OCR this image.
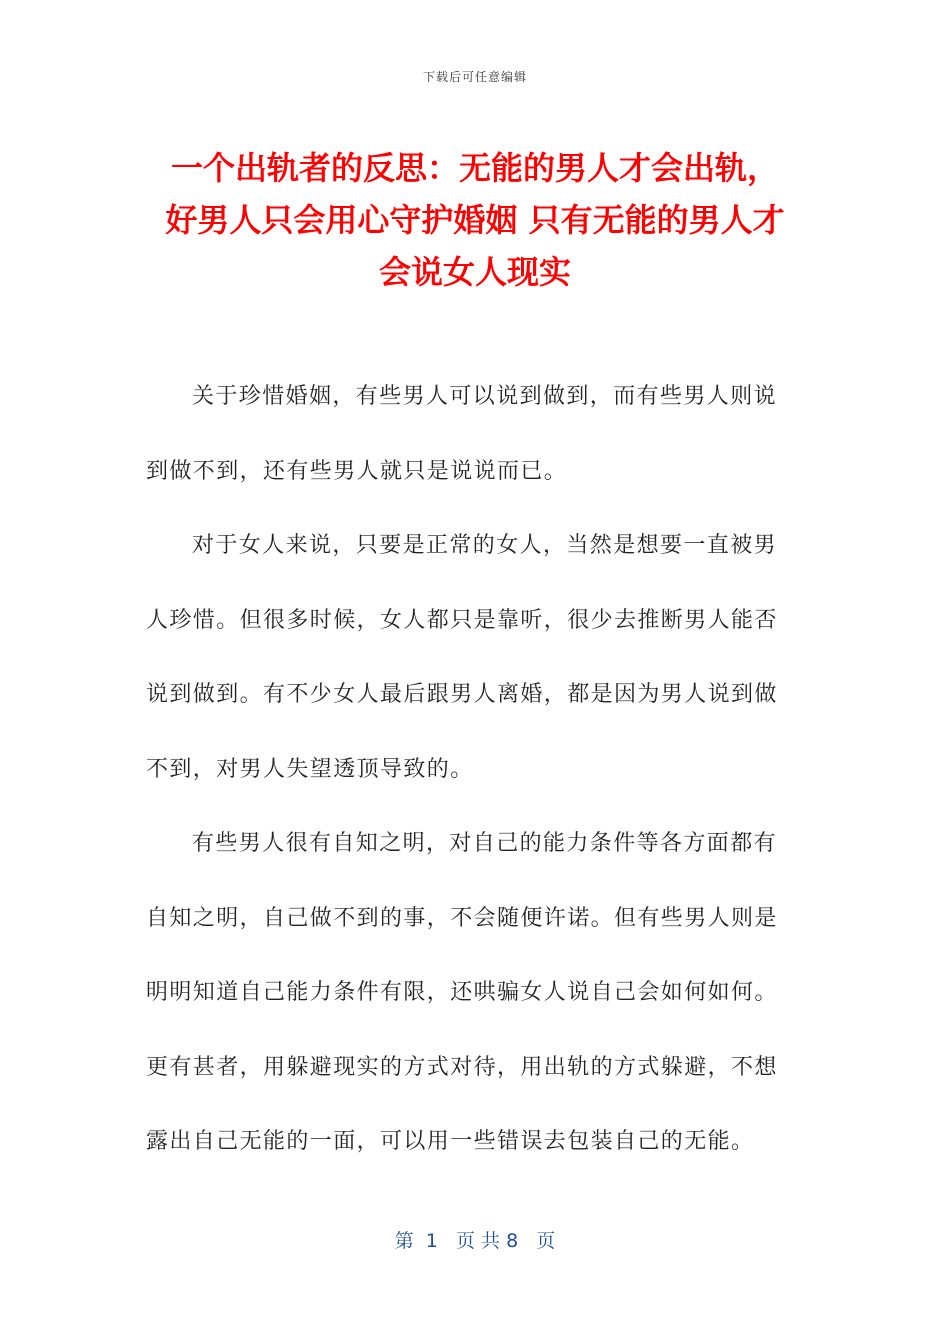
下载后可任意编辑
一个出轨者的反思：无能的男人才会出轨，
好男人只会用心守护婚姻 只有无能的男人才
会说女人现实

关于珍惜婚姻，有些男人可以说到做到，而有些男人则说到做不到，还有些男人就只是说说而已。

对于女人来说，只要是正常的女人，当然是想要一直被男人珍惜。但很多时候，女人都只是靠听，很少去推断男人能否说到做到。有不少女人最后跟男人离婚，都是因为男人说到做不到，对男人失望透顶导致的。

有些男人很有自知之明，对自己的能力条件等各方面都有自知之明，自己做不到的事，不会随便许诺。但有些男人则是明明知道自己能力条件有限，还哄骗女人说自己会如何如何。更有甚者，用躲避现实的方式对待，用出轨的方式躲避，不想露出自己无能的一面，可以用一些错误去包装自己的无能。

第  1   页 共 8   页
